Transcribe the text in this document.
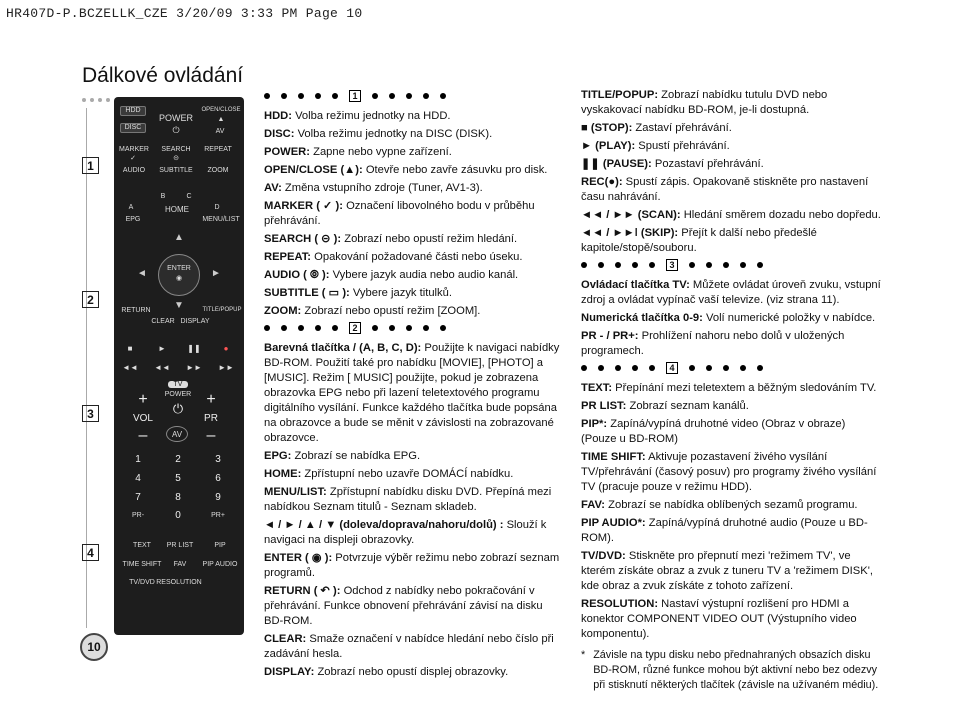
HR407D-P.BCZELLK_CZE 3/20/09 3:33 PM Page 10
Dálkové ovládání
1
2
3
4
10
HDD
DISC
POWER
⏻
OPEN/CLOSE
▲
AV
MARKER
✓
SEARCH
⊝
REPEAT
AUDIO	SUBTITLE	ZOOM
B	C
A	HOME	D
EPG	MENU/LIST
▲
◄	►
▼
ENTER
◉
RETURN	TITLE/POPUP
CLEAR DISPLAY
■	►	❚❚	●
◄◄ ◄◄ ►► ►►
TV
POWER
⏻
+
VOL
–
+
PR
–
AV
1	2	3
4	5	6
7	8	9
PR-	0	PR+
TEXT	PR LIST	PIP
TIME SHIFT	FAV	PIP AUDIO
TV/DVD RESOLUTION
1

HDD: Volba režimu jednotky na HDD.

DISC: Volba režimu jednotky na DISC (DISK).

POWER: Zapne nebo vypne zařízení.

OPEN/CLOSE (▲): Otevře nebo zavře zásuvku pro disk.

AV: Změna vstupního zdroje (Tuner, AV1-3).

MARKER ( ✓ ): Označení libovolného bodu v průběhu přehrávání.

SEARCH ( ⊝ ): Zobrazí nebo opustí režim hledání.

REPEAT: Opakování požadované části nebo úseku.

AUDIO ( ⦾ ): Vybere jazyk audia nebo audio kanál.

SUBTITLE ( ▭ ): Vybere jazyk titulků.

ZOOM: Zobrazí nebo opustí režim [ZOOM].

2

Barevná tlačítka / (A, B, C, D): Použijte k navigaci nabídky BD-ROM. Použití také pro nabídku [MOVIE], [PHOTO] a [MUSIC]. Režim [ MUSIC] použijte, pokud je zobrazena obrazovka EPG nebo při lazení teletextového programu digitálního vysílání. Funkce každého tlačítka bude popsána na obrazovce a bude se měnit v závislosti na zobrazované obrazovce.

EPG: Zobrazí se nabídka EPG.

HOME: Zpřístupní nebo uzavře DOMÁCÍ nabídku.

MENU/LIST: Zpřístupní nabídku disku DVD. Přepíná mezi nabídkou Seznam titulů - Seznam skladeb.

◄ / ► / ▲ / ▼ (doleva/doprava/nahoru/dolů) : Slouží k navigaci na displeji obrazovky.

ENTER ( ◉ ): Potvrzuje výběr režimu nebo zobrazí seznam programů.

RETURN ( ↶ ): Odchod z nabídky nebo pokračování v přehrávání. Funkce obnovení přehrávání závisí na disku BD-ROM.

CLEAR: Smaže označení v nabídce hledání nebo číslo při zadávání hesla.

DISPLAY: Zobrazí nebo opustí displej obrazovky.

TITLE/POPUP: Zobrazí nabídku tutulu DVD nebo vyskakovací nabídku BD-ROM, je-li dostupná.

■ (STOP): Zastaví přehrávání.

► (PLAY): Spustí přehrávání.

❚❚ (PAUSE): Pozastaví přehrávání.

REC(●): Spustí zápis. Opakovaně stiskněte pro nastavení času nahrávání.

◄◄ / ►► (SCAN): Hledání směrem dozadu nebo dopředu.

◄◄ / ►►ǀ (SKIP): Přejít k další nebo předešlé kapitole/stopě/souboru.

3

Ovládací tlačítka TV: Můžete ovládat úroveň zvuku, vstupní zdroj a ovládat vypínač vaší televize. (viz strana 11).

Numerická tlačítka 0-9: Volí numerické položky v nabídce.

PR - / PR+: Prohlížení nahoru nebo dolů v uložených programech.

4

TEXT: Přepínání mezi teletextem a běžným sledováním TV.

PR LIST: Zobrazí seznam kanálů.

PIP*: Zapíná/vypíná druhotné video (Obraz v obraze) (Pouze u BD-ROM)

TIME SHIFT: Aktivuje pozastavení živého vysílání TV/přehrávání (časový posuv) pro programy živého vysílání TV (pracuje pouze v režimu HDD).

FAV: Zobrazí se nabídka oblíbených sezamů programu.

PIP AUDIO*: Zapíná/vypíná druhotné audio (Pouze u BD-ROM).

TV/DVD: Stiskněte pro přepnutí mezi 'režimem TV', ve kterém získáte obraz a zvuk z tuneru TV a 'režimem DISK', kde obraz a zvuk získáte z tohoto zařízení.

RESOLUTION: Nastaví výstupní rozlišení pro HDMI a konektor COMPONENT VIDEO OUT (Výstupního video komponentu).

* Závisle na typu disku nebo přednahraných obsazích disku BD-ROM, různé funkce mohou být aktivní nebo bez odezvy při stisknutí některých tlačítek (závisle na užívaném médiu).
